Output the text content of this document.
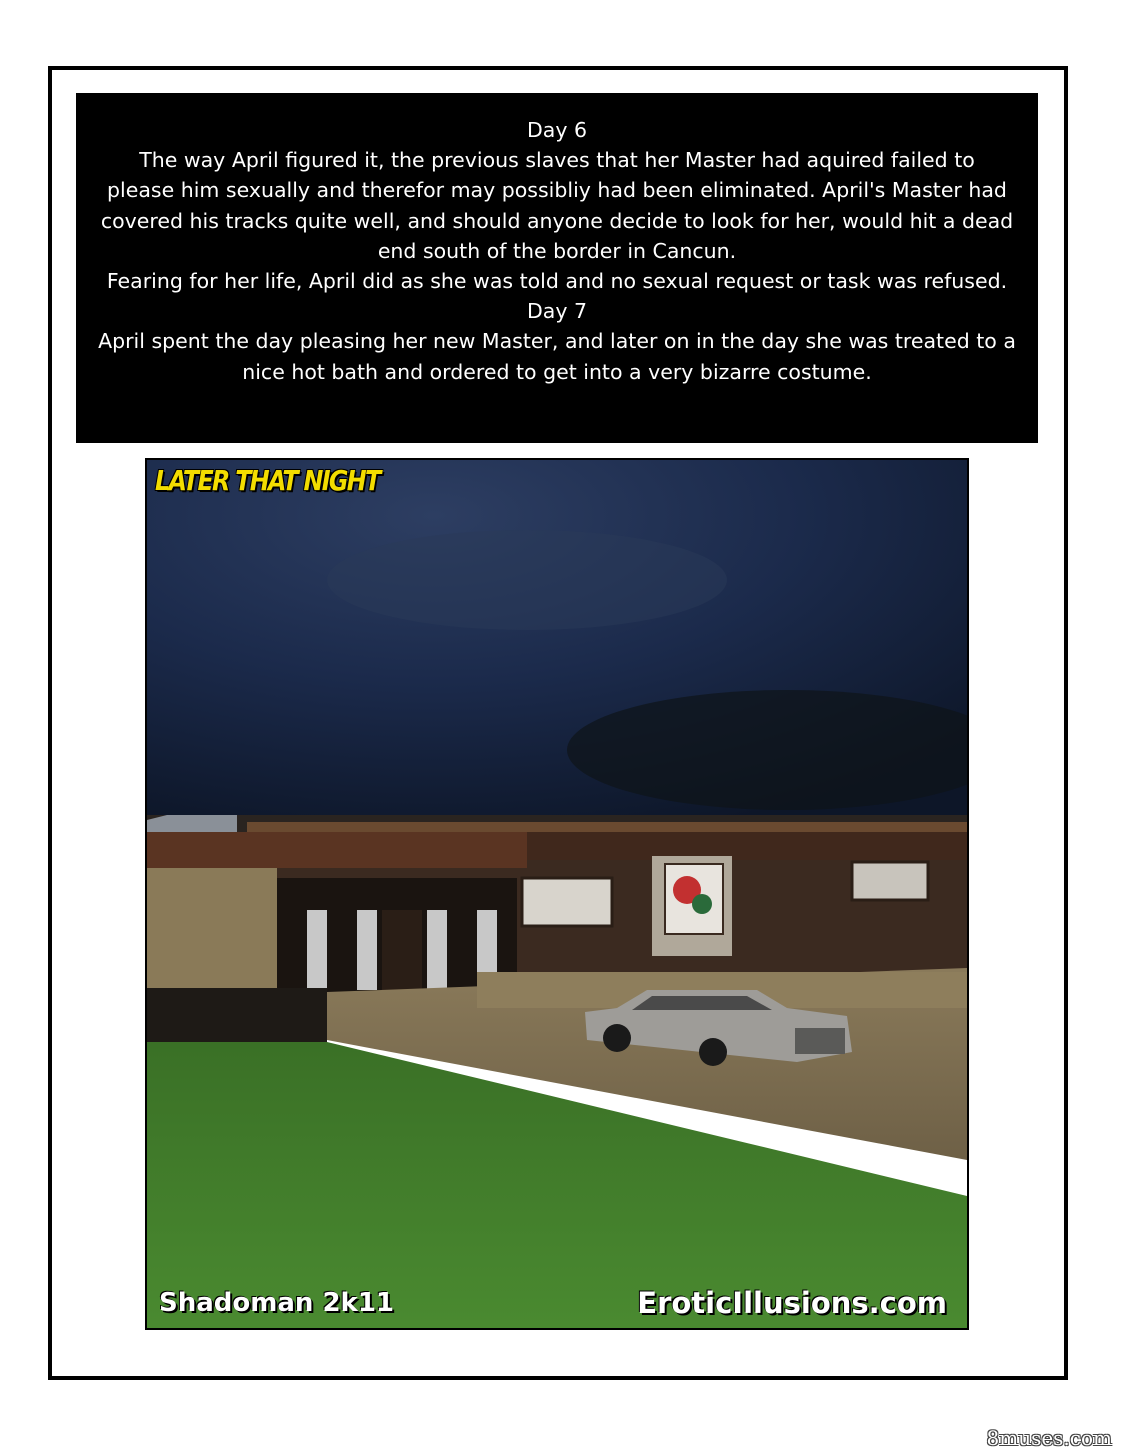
Day 6

The way April figured it, the previous slaves that her Master had aquired failed to

please him sexually and therefor may possibliy had been eliminated. April's Master had

covered his tracks quite well, and should anyone decide to look for her, would hit a dead

end south of the border in Cancun.

Fearing for her life, April did as she was told and no sexual request or task was refused.

Day 7

April spent the day pleasing her new Master, and later on in the day she was treated to a

nice hot bath and ordered to get into a very bizarre costume.

LATER THAT NIGHT
Shadoman 2k11	EroticIllusions.com
8muses.com
